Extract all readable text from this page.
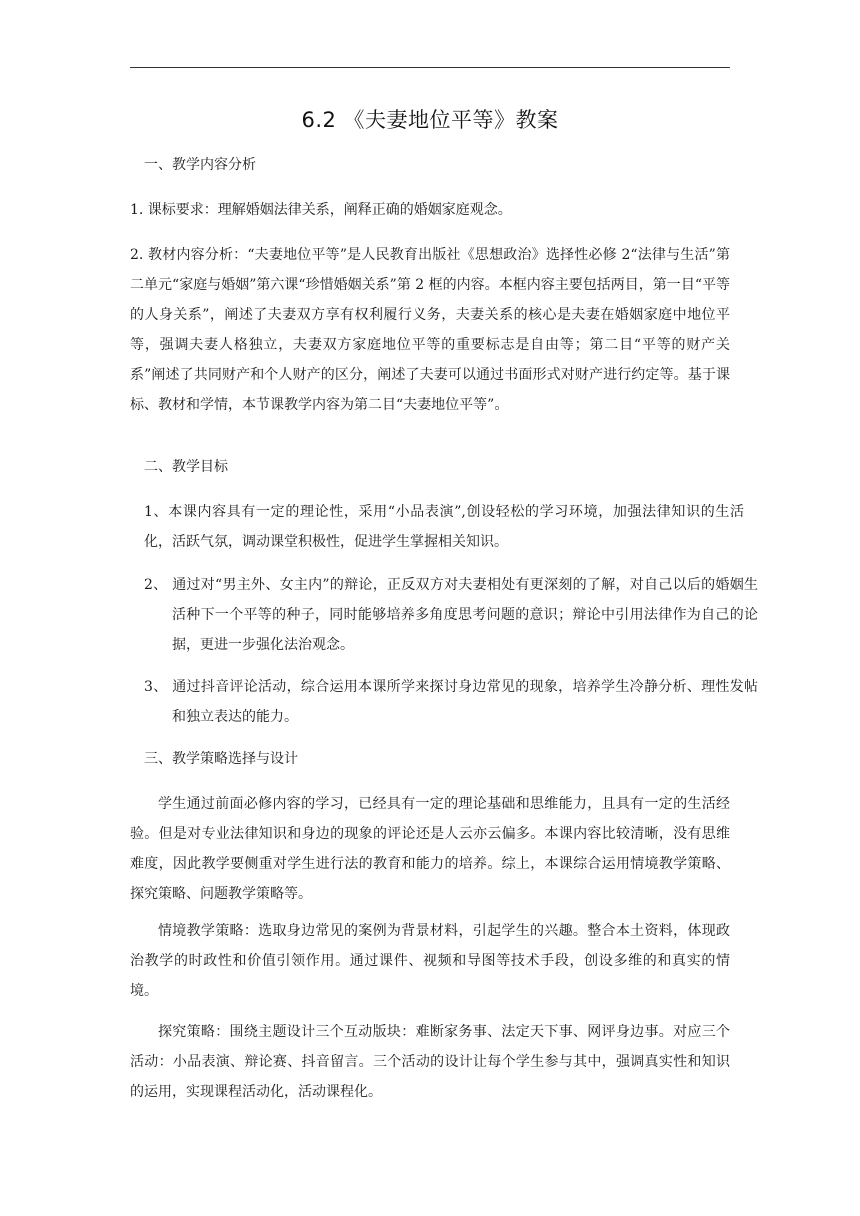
6.2 《夫妻地位平等》教案

一、教学内容分析

1. 课标要求：理解婚姻法律关系，阐释正确的婚姻家庭观念。

2. 教材内容分析：“夫妻地位平等”是人民教育出版社《思想政治》选择性必修 2“法律与生活”第二单元“家庭与婚姻”第六课“珍惜婚姻关系”第 2 框的内容。本框内容主要包括两目，第一目“平等的人身关系”，阐述了夫妻双方享有权利履行义务，夫妻关系的核心是夫妻在婚姻家庭中地位平等，强调夫妻人格独立，夫妻双方家庭地位平等的重要标志是自由等；第二目“平等的财产关系”阐述了共同财产和个人财产的区分，阐述了夫妻可以通过书面形式对财产进行约定等。基于课标、教材和学情，本节课教学内容为第二目“夫妻地位平等”。

二、教学目标

1、本课内容具有一定的理论性，采用“小品表演”,创设轻松的学习环境，加强法律知识的生活化，活跃气氛，调动课堂积极性，促进学生掌握相关知识。

2、 通过对“男主外、女主内”的辩论，正反双方对夫妻相处有更深刻的了解，对自己以后的婚姻生活种下一个平等的种子，同时能够培养多角度思考问题的意识；辩论中引用法律作为自己的论据，更进一步强化法治观念。

3、 通过抖音评论活动，综合运用本课所学来探讨身边常见的现象，培养学生冷静分析、理性发帖和独立表达的能力。

三、教学策略选择与设计

学生通过前面必修内容的学习，已经具有一定的理论基础和思维能力，且具有一定的生活经验。但是对专业法律知识和身边的现象的评论还是人云亦云偏多。本课内容比较清晰，没有思维难度，因此教学要侧重对学生进行法的教育和能力的培养。综上，本课综合运用情境教学策略、探究策略、问题教学策略等。

情境教学策略：选取身边常见的案例为背景材料，引起学生的兴趣。整合本土资料，体现政治教学的时政性和价值引领作用。通过课件、视频和导图等技术手段，创设多维的和真实的情境。

探究策略：围绕主题设计三个互动版块：难断家务事、法定天下事、网评身边事。对应三个活动：小品表演、辩论赛、抖音留言。三个活动的设计让每个学生参与其中，强调真实性和知识的运用，实现课程活动化，活动课程化。
